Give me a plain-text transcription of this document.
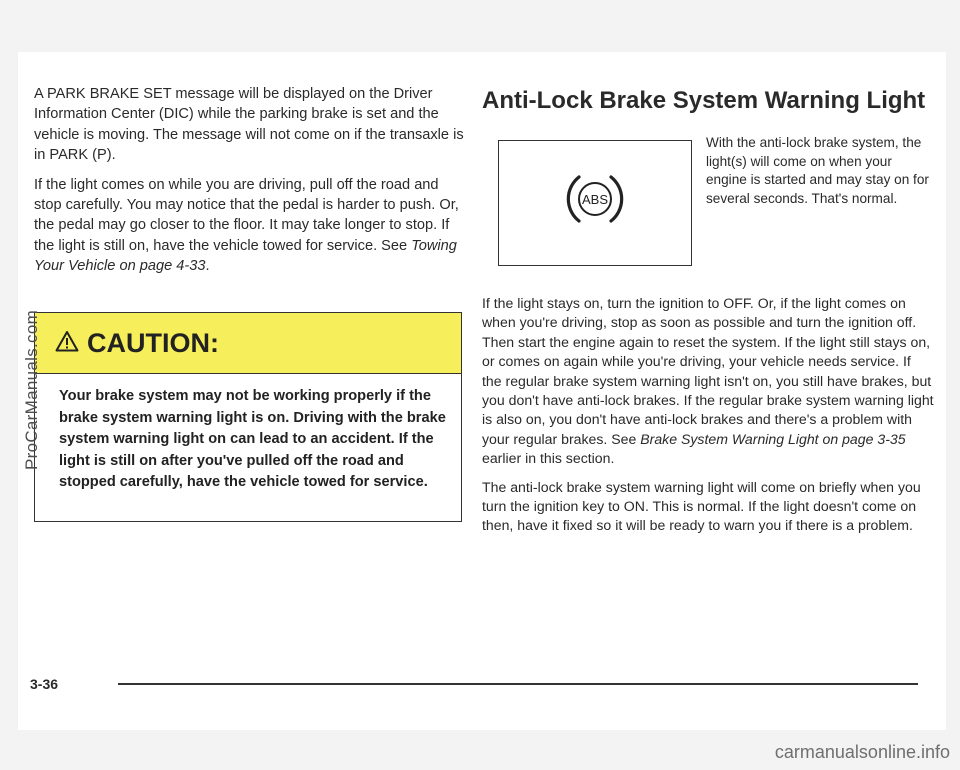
A PARK BRAKE SET message will be displayed on the Driver Information Center (DIC) while the parking brake is set and the vehicle is moving. The message will not come on if the transaxle is in PARK (P).

If the light comes on while you are driving, pull off the road and stop carefully. You may notice that the pedal is harder to push. Or, the pedal may go closer to the floor. It may take longer to stop. If the light is still on, have the vehicle towed for service. See Towing Your Vehicle on page 4-33.

CAUTION:
Your brake system may not be working properly if the brake system warning light is on. Driving with the brake system warning light on can lead to an accident. If the light is still on after you've pulled off the road and stopped carefully, have the vehicle towed for service.
Anti-Lock Brake System Warning Light
ABS
With the anti-lock brake system, the light(s) will come on when your engine is started and may stay on for several seconds. That's normal.

If the light stays on, turn the ignition to OFF. Or, if the light comes on when you're driving, stop as soon as possible and turn the ignition off. Then start the engine again to reset the system. If the light still stays on, or comes on again while you're driving, your vehicle needs service. If the regular brake system warning light isn't on, you still have brakes, but you don't have anti-lock brakes. If the regular brake system warning light is also on, you don't have anti-lock brakes and there's a problem with your regular brakes. See Brake System Warning Light on page 3-35 earlier in this section.

The anti-lock brake system warning light will come on briefly when you turn the ignition key to ON. This is normal. If the light doesn't come on then, have it fixed so it will be ready to warn you if there is a problem.

3-36
ProCarManuals.com
carmanualsonline.info
